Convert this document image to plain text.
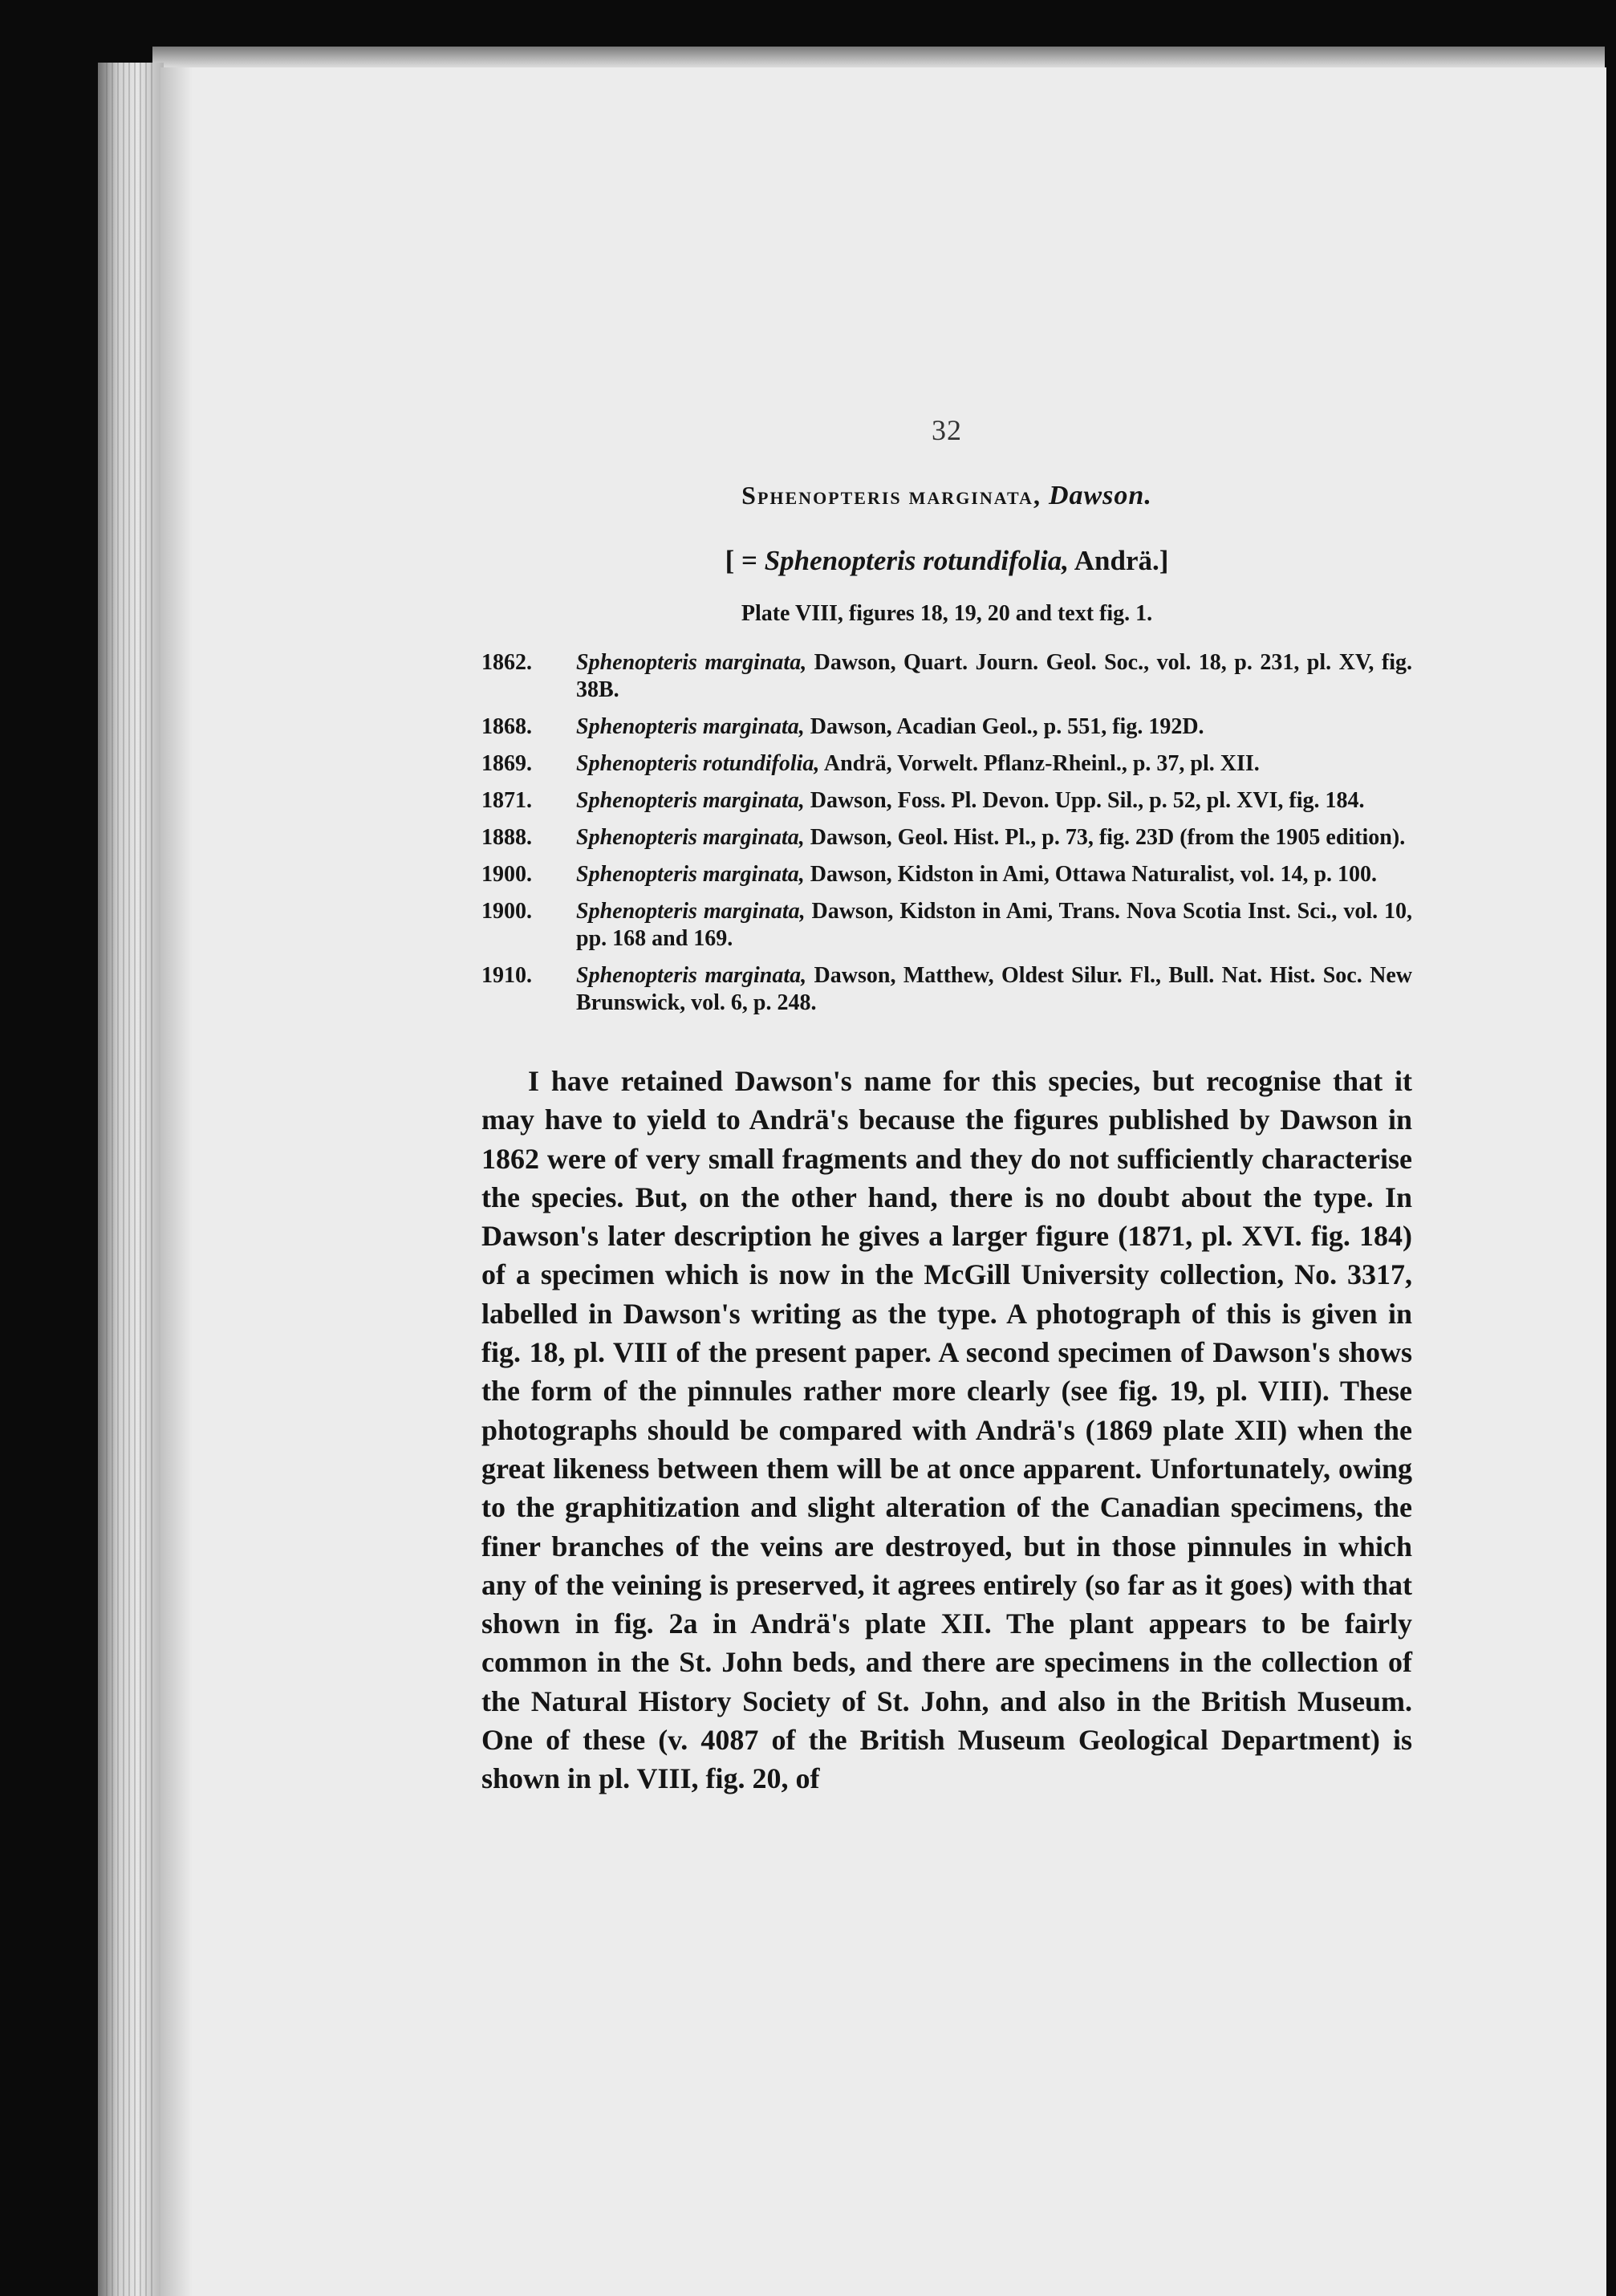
32
Sphenopteris marginata, Dawson.
[ = Sphenopteris rotundifolia, Andrä.]
Plate VIII, figures 18, 19, 20 and text fig. 1.
1862.	Sphenopteris marginata, Dawson, Quart. Journ. Geol. Soc., vol. 18, p. 231, pl. XV, fig. 38B.
1868.	Sphenopteris marginata, Dawson, Acadian Geol., p. 551, fig. 192D.
1869.	Sphenopteris rotundifolia, Andrä, Vorwelt. Pflanz-Rheinl., p. 37, pl. XII.
1871.	Sphenopteris marginata, Dawson, Foss. Pl. Devon. Upp. Sil., p. 52, pl. XVI, fig. 184.
1888.	Sphenopteris marginata, Dawson, Geol. Hist. Pl., p. 73, fig. 23D (from the 1905 edition).
1900.	Sphenopteris marginata, Dawson, Kidston in Ami, Ottawa Naturalist, vol. 14, p. 100.
1900.	Sphenopteris marginata, Dawson, Kidston in Ami, Trans. Nova Scotia Inst. Sci., vol. 10, pp. 168 and 169.
1910.	Sphenopteris marginata, Dawson, Matthew, Oldest Silur. Fl., Bull. Nat. Hist. Soc. New Brunswick, vol. 6, p. 248.

I have retained Dawson's name for this species, but recognise that it may have to yield to Andrä's because the figures published by Dawson in 1862 were of very small fragments and they do not sufficiently characterise the species. But, on the other hand, there is no doubt about the type. In Dawson's later description he gives a larger figure (1871, pl. XVI. fig. 184) of a specimen which is now in the McGill University collection, No. 3317, labelled in Dawson's writing as the type. A photograph of this is given in fig. 18, pl. VIII of the present paper. A second specimen of Dawson's shows the form of the pinnules rather more clearly (see fig. 19, pl. VIII). These photographs should be compared with Andrä's (1869 plate XII) when the great likeness between them will be at once apparent. Unfortunately, owing to the graphitization and slight alteration of the Canadian specimens, the finer branches of the veins are destroyed, but in those pinnules in which any of the veining is preserved, it agrees entirely (so far as it goes) with that shown in fig. 2a in Andrä's plate XII. The plant appears to be fairly common in the St. John beds, and there are specimens in the collection of the Natural History Society of St. John, and also in the British Museum. One of these (v. 4087 of the British Museum Geological Department) is shown in pl. VIII, fig. 20, of
